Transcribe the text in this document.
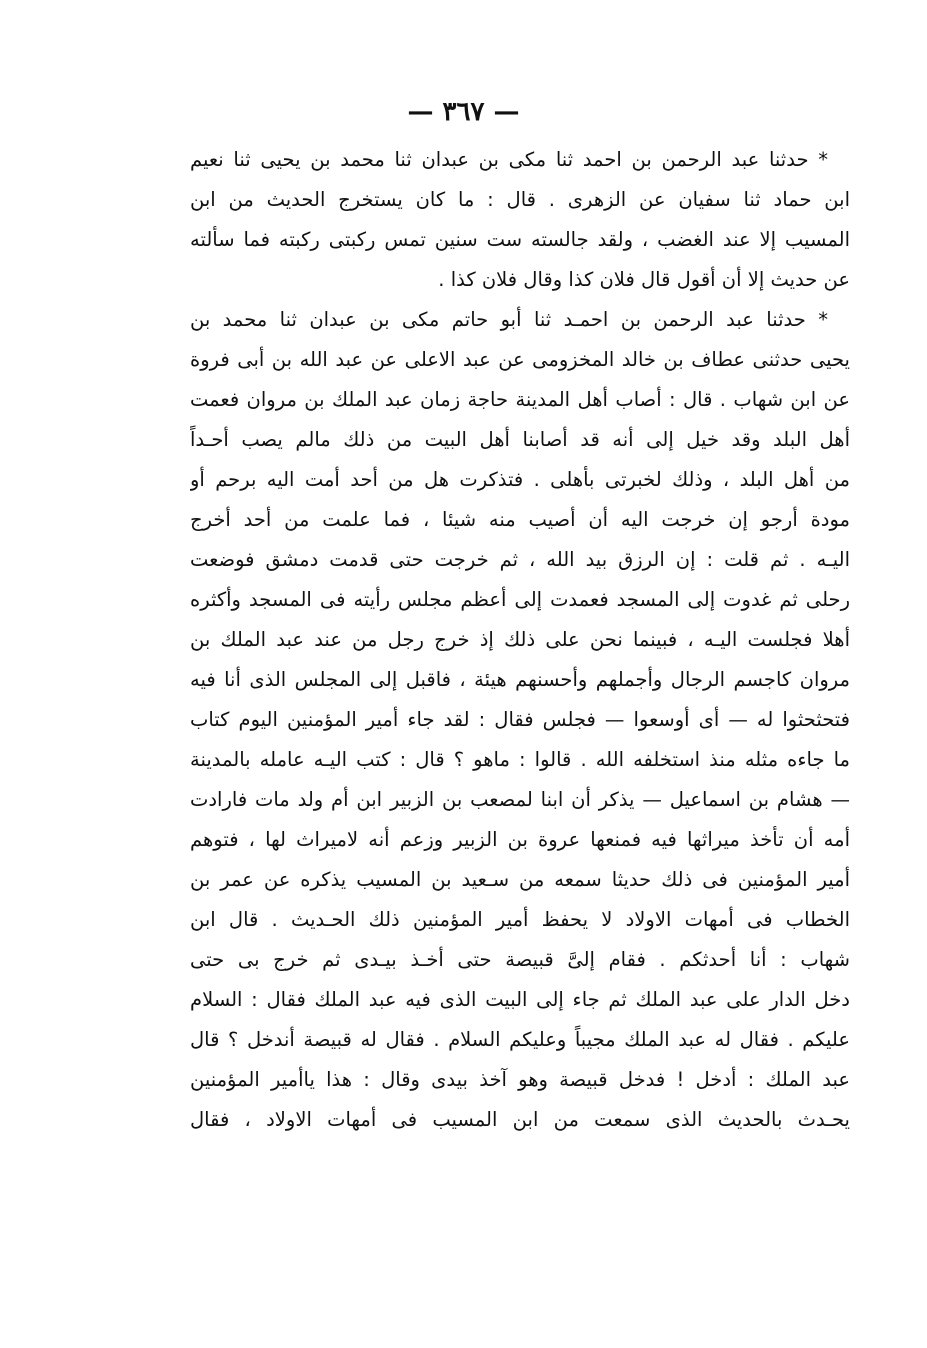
— ٣٦٧ —
* حدثنا عبد الرحمن بن احمد ثنا مكى بن عبدان ثنا محمد بن يحيى ثنا نعيم
ابن حماد ثنا سفيان عن الزهرى . قال : ما كان يستخرج الحديث من ابن
المسيب إلا عند الغضب ، ولقد جالسته ست سنين تمس ركبتى ركبته فما سألته
عن حديث إلا أن أقول قال فلان كذا وقال فلان كذا .
* حدثنا عبد الرحمن بن احمـد ثنا أبو حاتم مكى بن عبدان ثنا محمد بن
يحيى حدثنى عطاف بن خالد المخزومى عن عبد الاعلى عن عبد الله بن أبى فروة
عن ابن شهاب . قال : أصاب أهل المدينة حاجة زمان عبد الملك بن مروان فعمت
أهل البلد وقد خيل إلى أنه قد أصابنا أهل البيت من ذلك مالم يصب أحـداً
من أهل البلد ، وذلك لخبرتى بأهلى . فتذكرت هل من أحد أمت اليه برحم أو
مودة أرجو إن خرجت اليه أن أصيب منه شيئا ، فما علمت من أحد أخرج
اليـه . ثم قلت : إن الرزق بيد الله ، ثم خرجت حتى قدمت دمشق فوضعت
رحلى ثم غدوت إلى المسجد فعمدت إلى أعظم مجلس رأيته فى المسجد وأكثره
أهلا فجلست اليـه ، فبينما نحن على ذلك إذ خرج رجل من عند عبد الملك بن
مروان كاجسم الرجال وأجملهم وأحسنهم هيئة ، فاقبل إلى المجلس الذى أنا فيه
فتحثحثوا له — أى أوسعوا — فجلس فقال : لقد جاء أمير المؤمنين اليوم كتاب
ما جاءه مثله منذ استخلفه الله . قالوا : ماهو ؟ قال : كتب اليـه عامله بالمدينة
— هشام بن اسماعيل — يذكر أن ابنا لمصعب بن الزبير ابن أم ولد مات فارادت
أمه أن تأخذ ميراثها فيه فمنعها عروة بن الزبير وزعم أنه لاميراث لها ، فتوهم
أمير المؤمنين فى ذلك حديثا سمعه من سـعيد بن المسيب يذكره عن عمر بن
الخطاب فى أمهات الاولاد لا يحفظ أمير المؤمنين ذلك الحـديث . قال ابن
شهاب : أنا أحدثكم . فقام إلىَّ قبيصة حتى أخـذ بيـدى ثم خرج بى حتى
دخل الدار على عبد الملك ثم جاء إلى البيت الذى فيه عبد الملك فقال : السلام
عليكم . فقال له عبد الملك مجيباً وعليكم السلام . فقال له قبيصة أندخل ؟ قال
عبد الملك : أدخل ! فدخل قبيصة وهو آخذ بيدى وقال : هذا ياأمير المؤمنين
يحـدث بالحديث الذى سمعت من ابن المسيب فى أمهات الاولاد ، فقال
